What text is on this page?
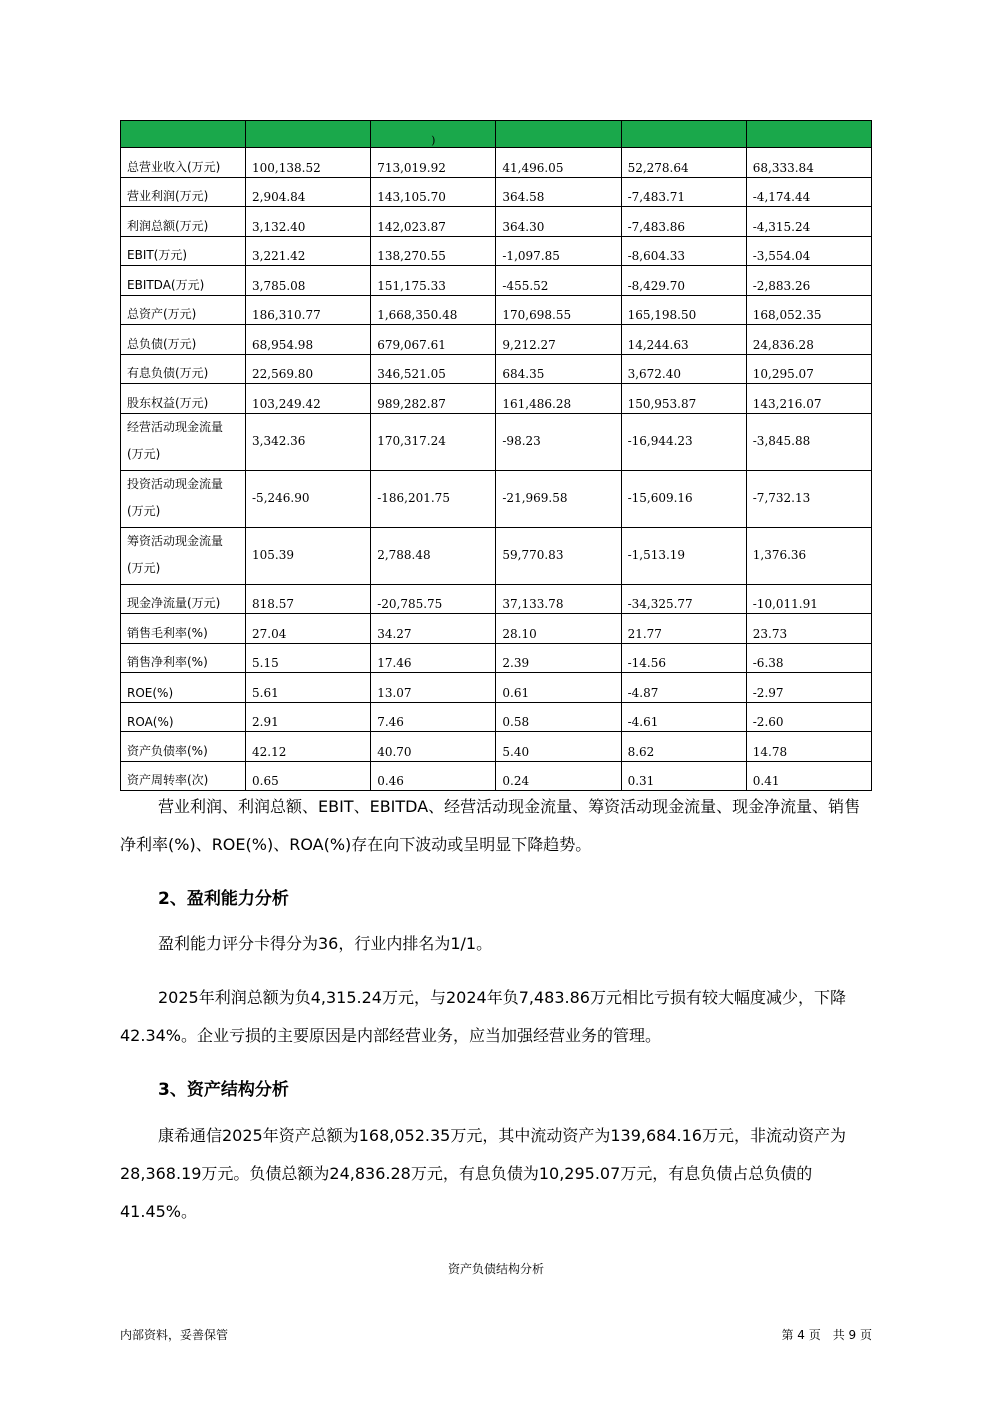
		)			
总营业收入(万元)	100,138.52	713,019.92	41,496.05	52,278.64	68,333.84
营业利润(万元)	2,904.84	143,105.70	364.58	-7,483.71	-4,174.44
利润总额(万元)	3,132.40	142,023.87	364.30	-7,483.86	-4,315.24
EBIT(万元)	3,221.42	138,270.55	-1,097.85	-8,604.33	-3,554.04
EBITDA(万元)	3,785.08	151,175.33	-455.52	-8,429.70	-2,883.26
总资产(万元)	186,310.77	1,668,350.48	170,698.55	165,198.50	168,052.35
总负债(万元)	68,954.98	679,067.61	9,212.27	14,244.63	24,836.28
有息负债(万元)	22,569.80	346,521.05	684.35	3,672.40	10,295.07
股东权益(万元)	103,249.42	989,282.87	161,486.28	150,953.87	143,216.07
经营活动现金流量(万元)	3,342.36	170,317.24	-98.23	-16,944.23	-3,845.88
投资活动现金流量(万元)	-5,246.90	-186,201.75	-21,969.58	-15,609.16	-7,732.13
筹资活动现金流量(万元)	105.39	2,788.48	59,770.83	-1,513.19	1,376.36
现金净流量(万元)	818.57	-20,785.75	37,133.78	-34,325.77	-10,011.91
销售毛利率(%)	27.04	34.27	28.10	21.77	23.73
销售净利率(%)	5.15	17.46	2.39	-14.56	-6.38
ROE(%)	5.61	13.07	0.61	-4.87	-2.97
ROA(%)	2.91	7.46	0.58	-4.61	-2.60
资产负债率(%)	42.12	40.70	5.40	8.62	14.78
资产周转率(次)	0.65	0.46	0.24	0.31	0.41
营业利润、利润总额、EBIT、EBITDA、经营活动现金流量、筹资活动现金流量、现金净流量、销售净利率(%)、ROE(%)、ROA(%)存在向下波动或呈明显下降趋势。
2、盈利能力分析
盈利能力评分卡得分为36，行业内排名为1/1。
2025年利润总额为负4,315.24万元，与2024年负7,483.86万元相比亏损有较大幅度减少，下降42.34%。企业亏损的主要原因是内部经营业务，应当加强经营业务的管理。
3、资产结构分析
康希通信2025年资产总额为168,052.35万元，其中流动资产为139,684.16万元，非流动资产为28,368.19万元。负债总额为24,836.28万元，有息负债为10,295.07万元，有息负债占总负债的41.45%。
资产负债结构分析
内部资料，妥善保管	第 4 页　共 9 页
